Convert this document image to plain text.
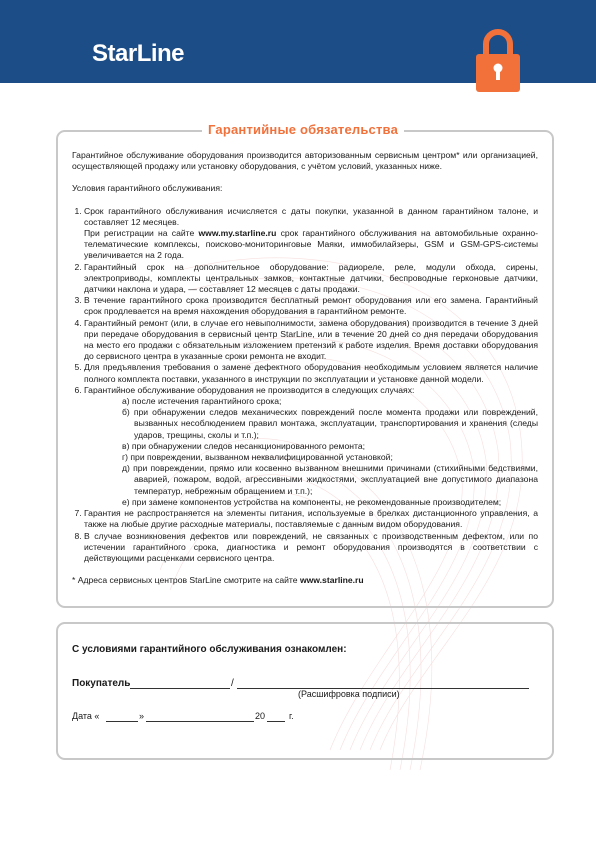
StarLine
Гарантийные обязательства

Гарантийное обслуживание оборудования производится авторизованным сервисным центром* или организацией, осуществляющей продажу или установку оборудования, с учётом условий, указанных ниже.

Условия гарантийного обслуживания:

1. Срок гарантийного обслуживания исчисляется с даты покупки, указанной в данном гарантийном талоне, и составляет 12 месяцев.
При регистрации на сайте www.my.starline.ru срок гарантийного обслуживания на автомобильные охранно-телематические комплексы, поисково-мониторинговые Маяки, иммобилайзеры, GSM и GSM-GPS-системы увеличивается на 2 года.
2. Гарантийный срок на дополнительное оборудование: радиореле, реле, модули обхода, сирены, электроприводы, комплекты центральных замков, контактные датчики, беспроводные герконовые датчики, датчики наклона и удара, — составляет 12 месяцев с даты продажи.
3. В течение гарантийного срока производится бесплатный ремонт оборудования или его замена. Гарантийный срок продлевается на время нахождения оборудования в гарантийном ремонте.
4. Гарантийный ремонт (или, в случае его невыполнимости, замена оборудования) производится в течение 3 дней при передаче оборудования в сервисный центр StarLine, или в течение 20 дней со дня передачи оборудования на место его продажи с обязательным изложением претензий к работе изделия. Время доставки оборудования до сервисного центра в указанные сроки ремонта не входит.
5. Для предъявления требования о замене дефектного оборудования необходимым условием является наличие полного комплекта поставки, указанного в инструкции по эксплуатации и установке данной модели.
6. Гарантийное обслуживание оборудования не производится в следующих случаях:
а) после истечения гарантийного срока;
б) при обнаружении следов механических повреждений после момента продажи или повреждений, вызванных несоблюдением правил монтажа, эксплуатации, транспортирования и хранения (следы ударов, трещины, сколы и т.п.);
в) при обнаружении следов несанкционированного ремонта;
г) при повреждении, вызванном неквалифицированной установкой;
д) при повреждении, прямо или косвенно вызванном внешними причинами (стихийными бедствиями, аварией, пожаром, водой, агрессивными жидкостями, эксплуатацией вне допустимого диапазона температур, небрежным обращением и т.п.);
е) при замене компонентов устройства на компоненты, не рекомендованные производителем;
7. Гарантия не распространяется на элементы питания, используемые в брелках дистанционного управления, а также на любые другие расходные материалы, поставляемые с данным видом оборудования.
8. В случае возникновения дефектов или повреждений, не связанных с производственным дефектом, или по истечении гарантийного срока, диагностика и ремонт оборудования производятся в соответствии с действующими расценками сервисного центра.

* Адреса сервисных центров StarLine смотрите на сайте www.starline.ru

С условиями гарантийного обслуживания ознакомлен:
Покупатель	/
(Расшифровка подписи)
Дата «	»	20	г.
